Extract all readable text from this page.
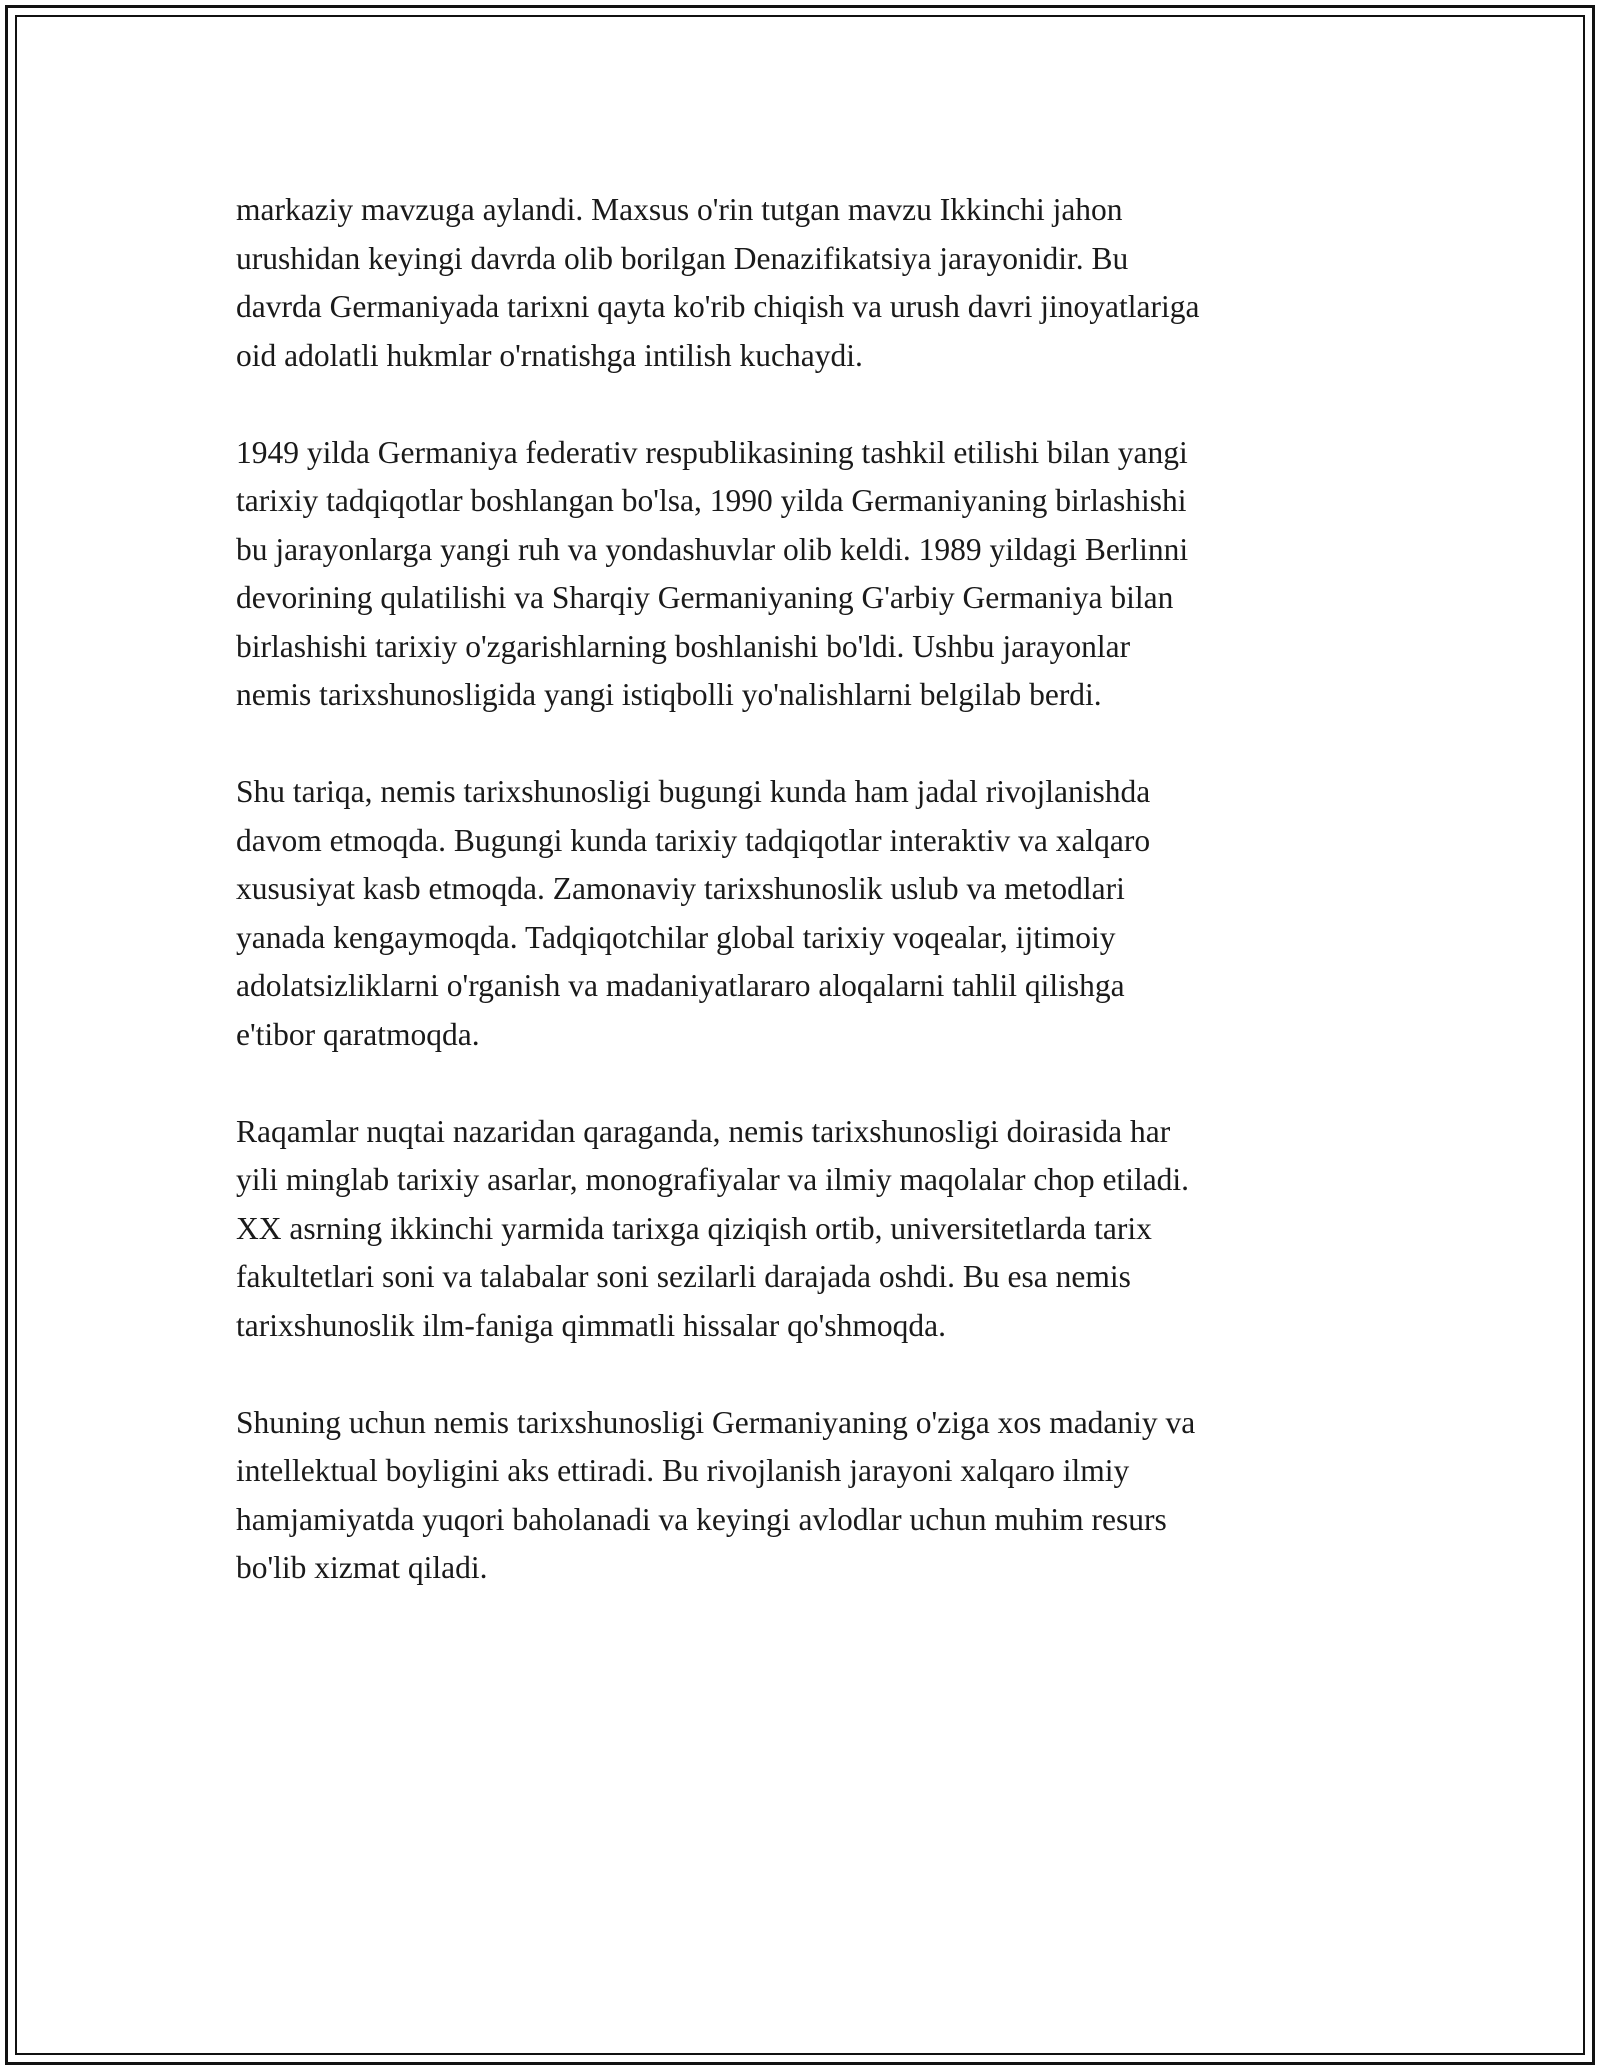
markaziy mavzuga aylandi. Maxsus o'rin tutgan mavzu Ikkinchi jahon
urushidan keyingi davrda olib borilgan Denazifikatsiya jarayonidir. Bu
davrda Germaniyada tarixni qayta ko'rib chiqish va urush davri jinoyatlariga
oid adolatli hukmlar o'rnatishga intilish kuchaydi.

1949 yilda Germaniya federativ respublikasining tashkil etilishi bilan yangi
tarixiy tadqiqotlar boshlangan bo'lsa, 1990 yilda Germaniyaning birlashishi
bu jarayonlarga yangi ruh va yondashuvlar olib keldi. 1989 yildagi Berlinni
devorining qulatilishi va Sharqiy Germaniyaning G'arbiy Germaniya bilan
birlashishi tarixiy o'zgarishlarning boshlanishi bo'ldi. Ushbu jarayonlar
nemis tarixshunosligida yangi istiqbolli yo'nalishlarni belgilab berdi.

Shu tariqa, nemis tarixshunosligi bugungi kunda ham jadal rivojlanishda
davom etmoqda. Bugungi kunda tarixiy tadqiqotlar interaktiv va xalqaro
xususiyat kasb etmoqda. Zamonaviy tarixshunoslik uslub va metodlari
yanada kengaymoqda. Tadqiqotchilar global tarixiy voqealar, ijtimoiy
adolatsizliklarni o'rganish va madaniyatlararo aloqalarni tahlil qilishga
e'tibor qaratmoqda.

Raqamlar nuqtai nazaridan qaraganda, nemis tarixshunosligi doirasida har
yili minglab tarixiy asarlar, monografiyalar va ilmiy maqolalar chop etiladi.
XX asrning ikkinchi yarmida tarixga qiziqish ortib, universitetlarda tarix
fakultetlari soni va talabalar soni sezilarli darajada oshdi. Bu esa nemis
tarixshunoslik ilm-faniga qimmatli hissalar qo'shmoqda.

Shuning uchun nemis tarixshunosligi Germaniyaning o'ziga xos madaniy va
intellektual boyligini aks ettiradi. Bu rivojlanish jarayoni xalqaro ilmiy
hamjamiyatda yuqori baholanadi va keyingi avlodlar uchun muhim resurs
bo'lib xizmat qiladi.
